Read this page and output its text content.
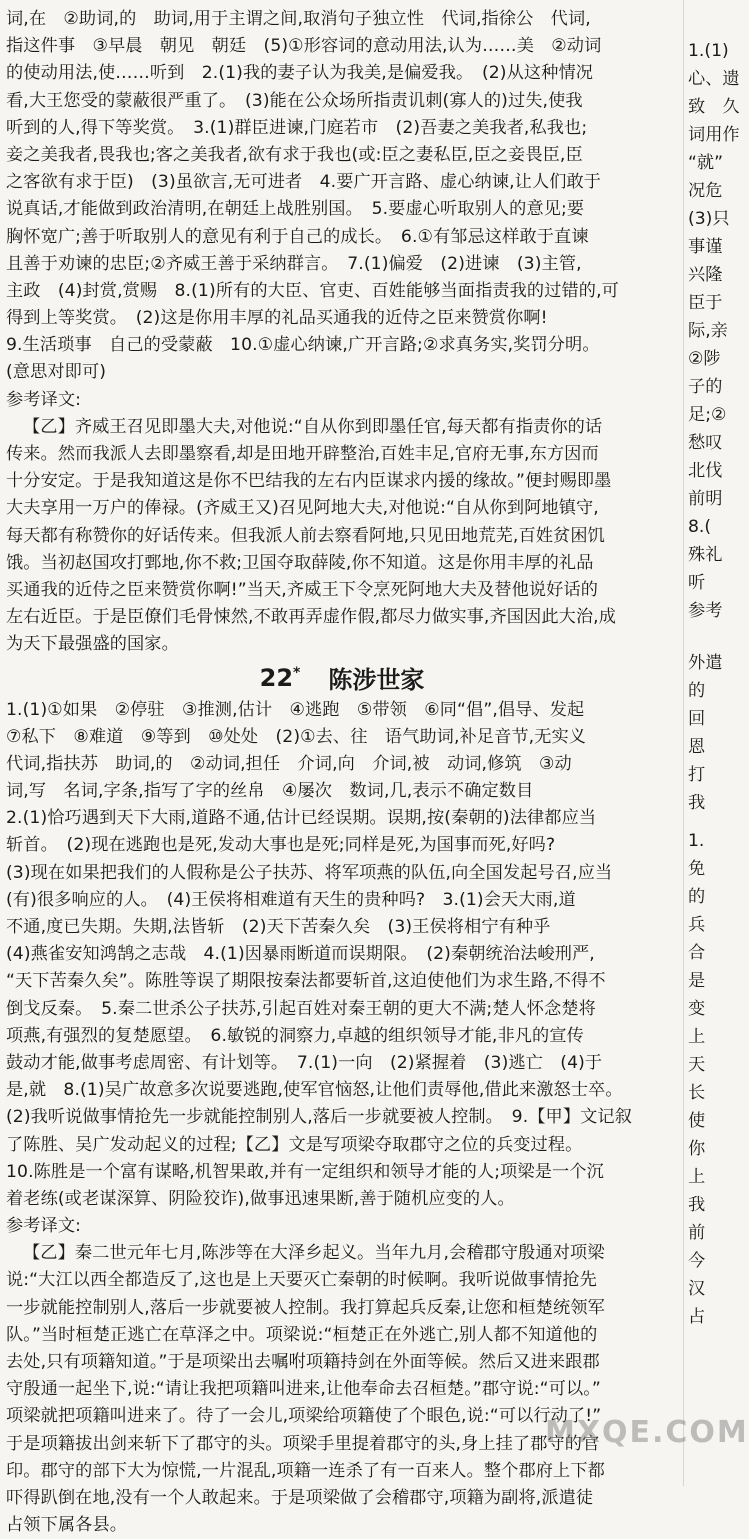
词,在　②助词,的　助词,用于主谓之间,取消句子独立性　代词,指徐公　代词,
指这件事　③早晨　朝见　朝廷　(5)①形容词的意动用法,认为……美　②动词
的使动用法,使……听到　2.(1)我的妻子认为我美,是偏爱我。　(2)从这种情况
看,大王您受的蒙蔽很严重了。　(3)能在公众场所指责讥刺(寡人的)过失,使我
听到的人,得下等奖赏。　3.(1)群臣进谏,门庭若市　(2)吾妻之美我者,私我也;
妾之美我者,畏我也;客之美我者,欲有求于我也(或:臣之妻私臣,臣之妾畏臣,臣
之客欲有求于臣)　(3)虽欲言,无可进者　4.要广开言路、虚心纳谏,让人们敢于
说真话,才能做到政治清明,在朝廷上战胜别国。　5.要虚心听取别人的意见;要
胸怀宽广;善于听取别人的意见有利于自己的成长。　6.①有邹忌这样敢于直谏
且善于劝谏的忠臣;②齐威王善于采纳群言。　7.(1)偏爱　(2)进谏　(3)主管,
主政　(4)封赏,赏赐　8.(1)所有的大臣、官吏、百姓能够当面指责我的过错的,可
得到上等奖赏。　(2)这是你用丰厚的礼品买通我的近侍之臣来赞赏你啊!
9.生活琐事　自己的受蒙蔽　10.①虚心纳谏,广开言路;②求真务实,奖罚分明。
(意思对即可)
参考译文:
【乙】齐威王召见即墨大夫,对他说:“自从你到即墨任官,每天都有指责你的话
传来。然而我派人去即墨察看,却是田地开辟整治,百姓丰足,官府无事,东方因而
十分安定。于是我知道这是你不巴结我的左右内臣谋求内援的缘故。”便封赐即墨
大夫享用一万户的俸禄。(齐威王又)召见阿地大夫,对他说:“自从你到阿地镇守,
每天都有称赞你的好话传来。但我派人前去察看阿地,只见田地荒芜,百姓贫困饥
饿。当初赵国攻打鄄地,你不救;卫国夺取薛陵,你不知道。这是你用丰厚的礼品
买通我的近侍之臣来赞赏你啊!”当天,齐威王下令烹死阿地大夫及替他说好话的
左右近臣。于是臣僚们毛骨悚然,不敢再弄虚作假,都尽力做实事,齐国因此大治,成
为天下最强盛的国家。
22* 陈涉世家
1.(1)①如果　②停驻　③推测,估计　④逃跑　⑤带领　⑥同“倡”,倡导、发起
⑦私下　⑧难道　⑨等到　⑩处处　(2)①去、往　语气助词,补足音节,无实义
代词,指扶苏　助词,的　②动词,担任　介词,向　介词,被　动词,修筑　③动
词,写　名词,字条,指写了字的丝帛　④屡次　数词,几,表示不确定数目
2.(1)恰巧遇到天下大雨,道路不通,估计已经误期。误期,按(秦朝的)法律都应当
斩首。　(2)现在逃跑也是死,发动大事也是死;同样是死,为国事而死,好吗?
(3)现在如果把我们的人假称是公子扶苏、将军项燕的队伍,向全国发起号召,应当
(有)很多响应的人。　(4)王侯将相难道有天生的贵种吗?　3.(1)会天大雨,道
不通,度已失期。失期,法皆斩　(2)天下苦秦久矣　(3)王侯将相宁有种乎
(4)燕雀安知鸿鹄之志哉　4.(1)因暴雨断道而误期限。　(2)秦朝统治法峻刑严,
“天下苦秦久矣”。陈胜等误了期限按秦法都要斩首,这迫使他们为求生路,不得不
倒戈反秦。　5.秦二世杀公子扶苏,引起百姓对秦王朝的更大不满;楚人怀念楚将
项燕,有强烈的复楚愿望。　6.敏锐的洞察力,卓越的组织领导才能,非凡的宣传
鼓动才能,做事考虑周密、有计划等。　7.(1)一向　(2)紧握着　(3)逃亡　(4)于
是,就　8.(1)吴广故意多次说要逃跑,使军官恼怒,让他们责辱他,借此来激怒士卒。
(2)我听说做事情抢先一步就能控制别人,落后一步就要被人控制。　9.【甲】文记叙
了陈胜、吴广发动起义的过程;【乙】文是写项梁夺取郡守之位的兵变过程。
10.陈胜是一个富有谋略,机智果敢,并有一定组织和领导才能的人;项梁是一个沉
着老练(或老谋深算、阴险狡诈),做事迅速果断,善于随机应变的人。
参考译文:
【乙】秦二世元年七月,陈涉等在大泽乡起义。当年九月,会稽郡守殷通对项梁
说:“大江以西全都造反了,这也是上天要灭亡秦朝的时候啊。我听说做事情抢先
一步就能控制别人,落后一步就要被人控制。我打算起兵反秦,让您和桓楚统领军
队。”当时桓楚正逃亡在草泽之中。项梁说:“桓楚正在外逃亡,别人都不知道他的
去处,只有项籍知道。”于是项梁出去嘱咐项籍持剑在外面等候。然后又进来跟郡
守殷通一起坐下,说:“请让我把项籍叫进来,让他奉命去召桓楚。”郡守说:“可以。”
项梁就把项籍叫进来了。待了一会儿,项梁给项籍使了个眼色,说:“可以行动了!”
于是项籍拔出剑来斩下了郡守的头。项梁手里提着郡守的头,身上挂了郡守的官
印。郡守的部下大为惊慌,一片混乱,项籍一连杀了有一百来人。整个郡府上下都
吓得趴倒在地,没有一个人敢起来。于是项梁做了会稽郡守,项籍为副将,派遣徒
占领下属各县。
1.(1)
心、遗
致　久
词用作
“就”
况危
(3)只
事谨
兴隆
臣于
际,亲
②陟
子的
足;②
愁叹
北伐
前明
8.(
殊礼
听
参考
外遣
的
回
恩
打
我
1.
免
的
兵
合
是
变
上
天
长
使
你
上
我
前
今
汉
占
MXQE.COM
